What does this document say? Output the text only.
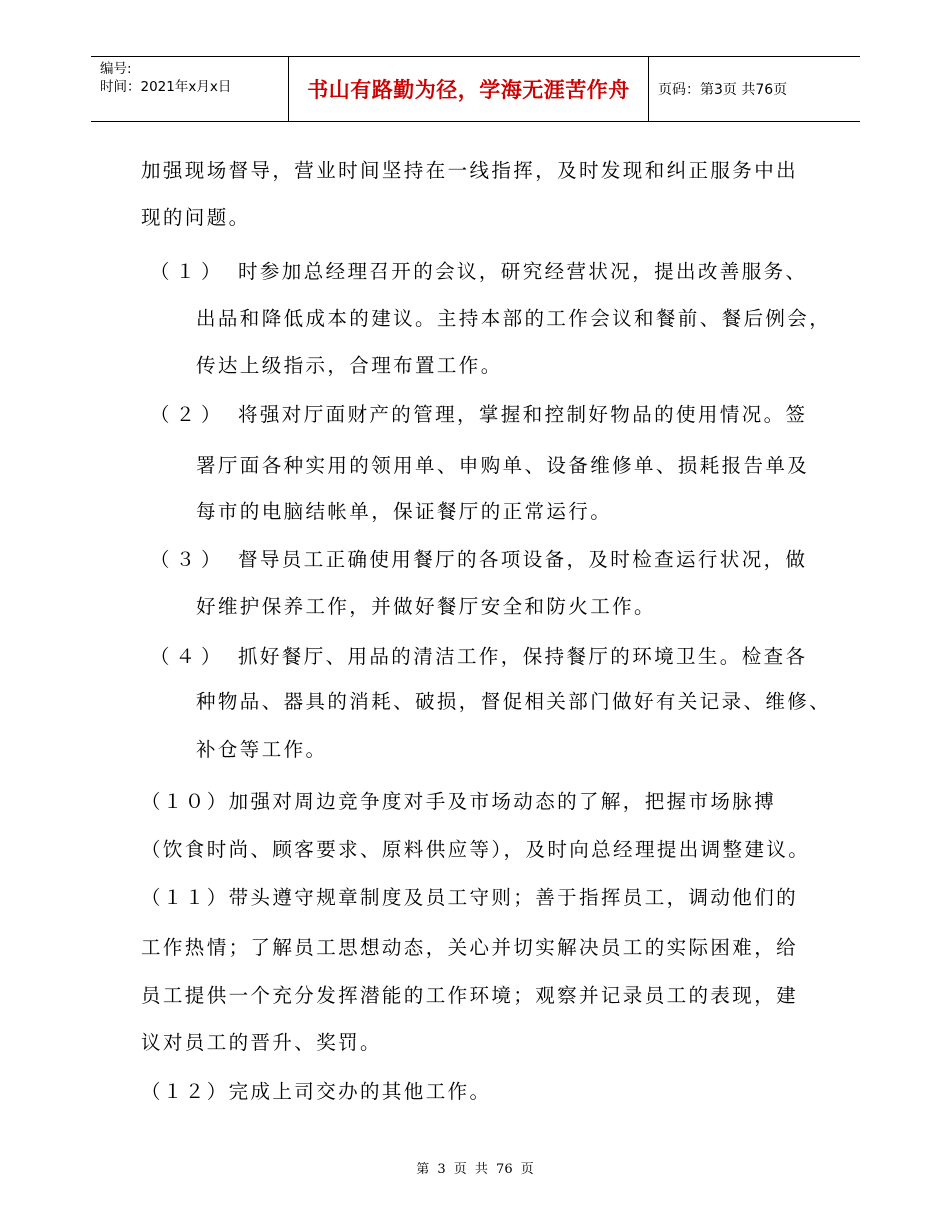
编号:
时间：2021年x月x日	书山有路勤为径，学海无涯苦作舟	页码：第3页 共76页
加强现场督导，营业时间坚持在一线指挥，及时发现和纠正服务中出
现的问题。
（１） 时参加总经理召开的会议，研究经营状况，提出改善服务、
出品和降低成本的建议。主持本部的工作会议和餐前、餐后例会，
传达上级指示，合理布置工作。
（２） 将强对厅面财产的管理，掌握和控制好物品的使用情况。签
署厅面各种实用的领用单、申购单、设备维修单、损耗报告单及
每市的电脑结帐单，保证餐厅的正常运行。
（３） 督导员工正确使用餐厅的各项设备，及时检查运行状况，做
好维护保养工作，并做好餐厅安全和防火工作。
（４） 抓好餐厅、用品的清洁工作，保持餐厅的环境卫生。检查各
种物品、器具的消耗、破损，督促相关部门做好有关记录、维修、
补仓等工作。
（１０）加强对周边竞争度对手及市场动态的了解，把握市场脉搏
（饮食时尚、顾客要求、原料供应等），及时向总经理提出调整建议。
（１１）带头遵守规章制度及员工守则；善于指挥员工，调动他们的
工作热情；了解员工思想动态，关心并切实解决员工的实际困难，给
员工提供一个充分发挥潜能的工作环境；观察并记录员工的表现，建
议对员工的晋升、奖罚。
（１２）完成上司交办的其他工作。
第 3 页 共 76 页
